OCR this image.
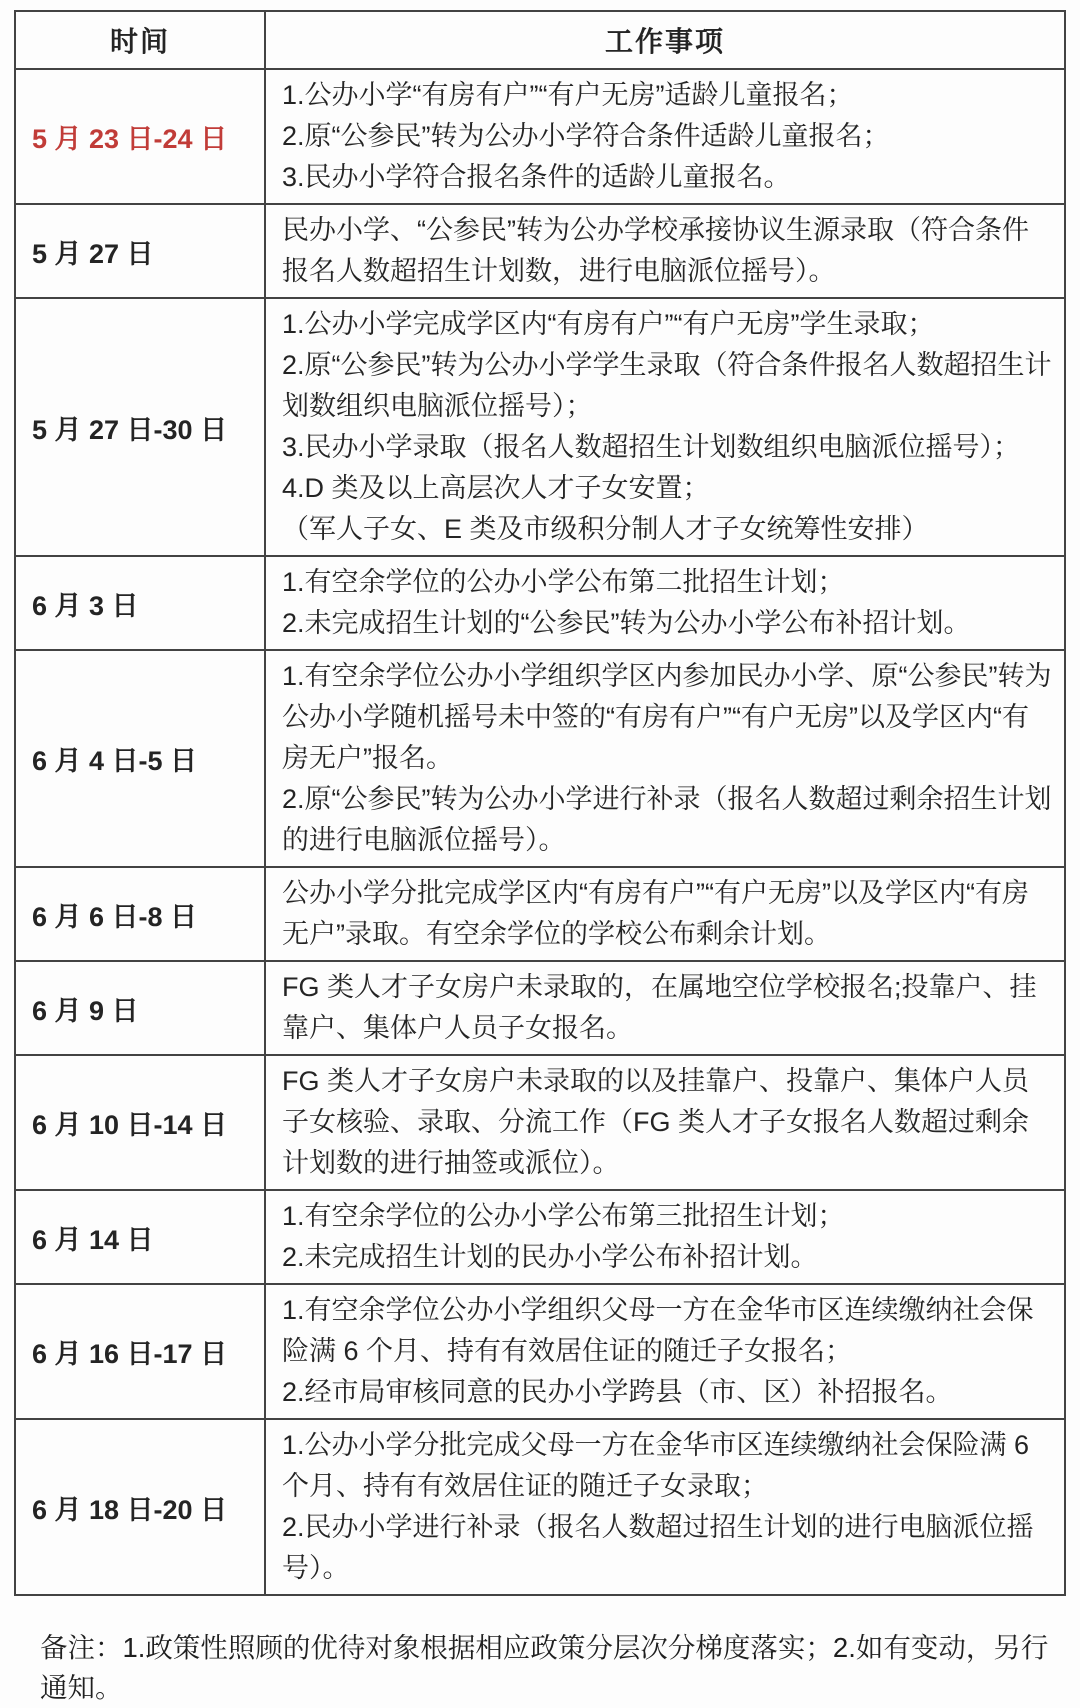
时间	工作事项
5 月 23 日-24 日	1.公办小学“有房有户”“有户无房”适龄儿童报名；

2.原“公参民”转为公办小学符合条件适龄儿童报名；

3.民办小学符合报名条件的适龄儿童报名。

5 月 27 日	民办小学、“公参民”转为公办学校承接协议生源录取（符合条件报名人数超招生计划数，进行电脑派位摇号）。

5 月 27 日-30 日	1.公办小学完成学区内“有房有户”“有户无房”学生录取；

2.原“公参民”转为公办小学学生录取（符合条件报名人数超招生计划数组织电脑派位摇号）；

3.民办小学录取（报名人数超招生计划数组织电脑派位摇号）；

4.D 类及以上高层次人才子女安置；

（军人子女、E 类及市级积分制人才子女统筹性安排）

6 月 3 日	1.有空余学位的公办小学公布第二批招生计划；

2.未完成招生计划的“公参民”转为公办小学公布补招计划。

6 月 4 日-5 日	1.有空余学位公办小学组织学区内参加民办小学、原“公参民”转为公办小学随机摇号未中签的“有房有户”“有户无房”以及学区内“有房无户”报名。

2.原“公参民”转为公办小学进行补录（报名人数超过剩余招生计划的进行电脑派位摇号）。

6 月 6 日-8 日	公办小学分批完成学区内“有房有户”“有户无房”以及学区内“有房无户”录取。有空余学位的学校公布剩余计划。

6 月 9 日	FG 类人才子女房户未录取的，在属地空位学校报名;投靠户、挂靠户、集体户人员子女报名。

6 月 10 日-14 日	FG 类人才子女房户未录取的以及挂靠户、投靠户、集体户人员子女核验、录取、分流工作（FG 类人才子女报名人数超过剩余计划数的进行抽签或派位）。

6 月 14 日	1.有空余学位的公办小学公布第三批招生计划；

2.未完成招生计划的民办小学公布补招计划。

6 月 16 日-17 日	1.有空余学位公办小学组织父母一方在金华市区连续缴纳社会保险满 6 个月、持有有效居住证的随迁子女报名；

2.经市局审核同意的民办小学跨县（市、区）补招报名。

6 月 18 日-20 日	1.公办小学分批完成父母一方在金华市区连续缴纳社会保险满 6 个月、持有有效居住证的随迁子女录取；

2.民办小学进行补录（报名人数超过招生计划的进行电脑派位摇号）。

备注：1.政策性照顾的优待对象根据相应政策分层次分梯度落实；2.如有变动，另行通知。
